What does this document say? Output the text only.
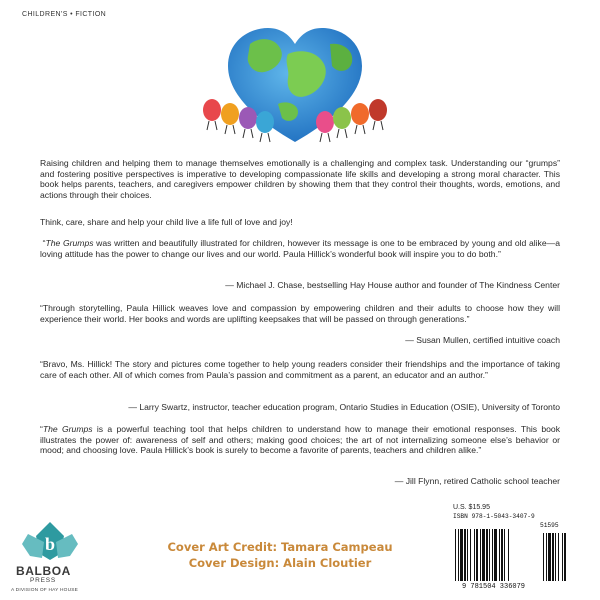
CHILDREN'S • FICTION

Raising children and helping them to manage themselves emotionally is a challenging and complex task. Understanding our “grumps” and fostering positive perspectives is imperative to developing compassionate life skills and developing a strong moral character. This book helps parents, teachers, and caregivers empower children by showing them that they control their thoughts, words, emotions, and actions through their choices.

Think, care, share and help your child live a life full of love and joy!

“The Grumps was written and beautifully illustrated for children, however its message is one to be embraced by young and old alike—a loving attitude has the power to change our lives and our world. Paula Hillick’s wonderful book will inspire you to do both.”

— Michael J. Chase, bestselling Hay House author and founder of The Kindness Center

“Through storytelling, Paula Hillick weaves love and compassion by empowering children and their adults to choose how they will experience their world. Her books and words are uplifting keepsakes that will be passed on through generations.”

— Susan Mullen, certified intuitive coach

“Bravo, Ms. Hillick! The story and pictures come together to help young readers consider their friendships and the importance of taking care of each other. All of which comes from Paula’s passion and commitment as a parent, an educator and an author.”

— Larry Swartz, instructor, teacher education program, Ontario Studies in Education (OSIE), University of Toronto

“The Grumps is a powerful teaching tool that helps children to understand how to manage their emotional responses. This book illustrates the power of: awareness of self and others; making good choices; the art of not internalizing someone else’s behavior or mood; and choosing love. Paula Hillick’s book is surely to become a favorite of parents, teachers and children alike.”

— Jill Flynn, retired Catholic school teacher

b
BALBOA
PRESS
A DIVISION OF HAY HOUSE
Cover Art Credit: Tamara Campeau
Cover Design: Alain Cloutier
U.S. $15.95
ISBN 978-1-5043-3407-9
51595
9 781504 336079
